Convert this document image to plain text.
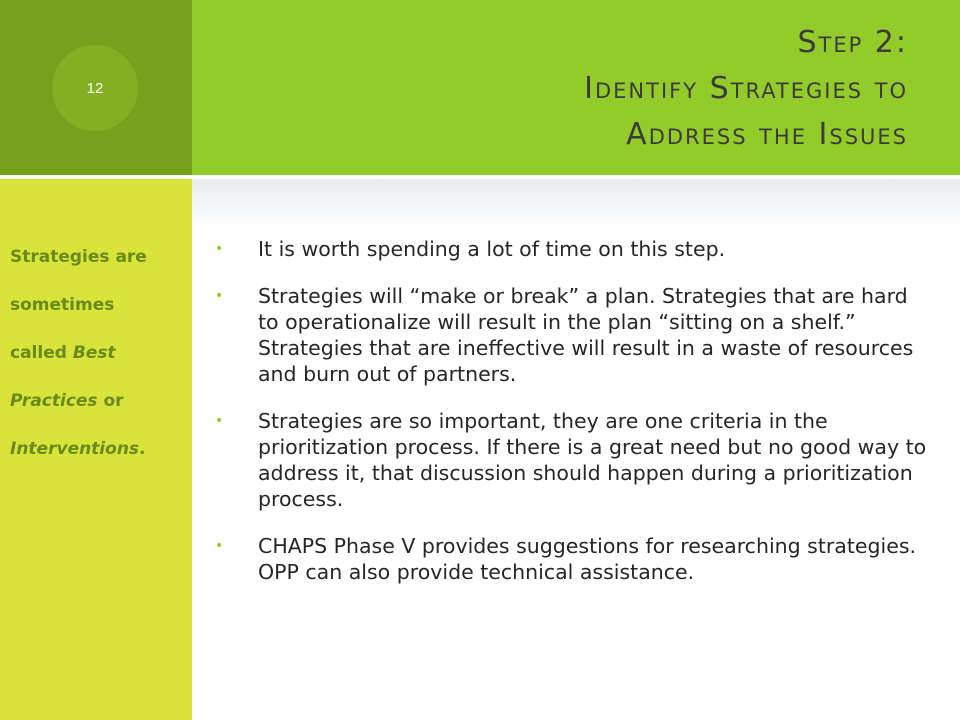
12
Step 2:
Identify Strategies to
Address the Issues
Strategies are
sometimes
called Best
Practices or
Interventions.
• It is worth spending a lot of time on this step.
• Strategies will “make or break” a plan. Strategies that are hard to operationalize will result in the plan “sitting on a shelf.” Strategies that are ineffective will result in a waste of resources and burn out of partners.
• Strategies are so important, they are one criteria in the prioritization process. If there is a great need but no good way to address it, that discussion should happen during a prioritization process.
• CHAPS Phase V provides suggestions for researching strategies. OPP can also provide technical assistance.
